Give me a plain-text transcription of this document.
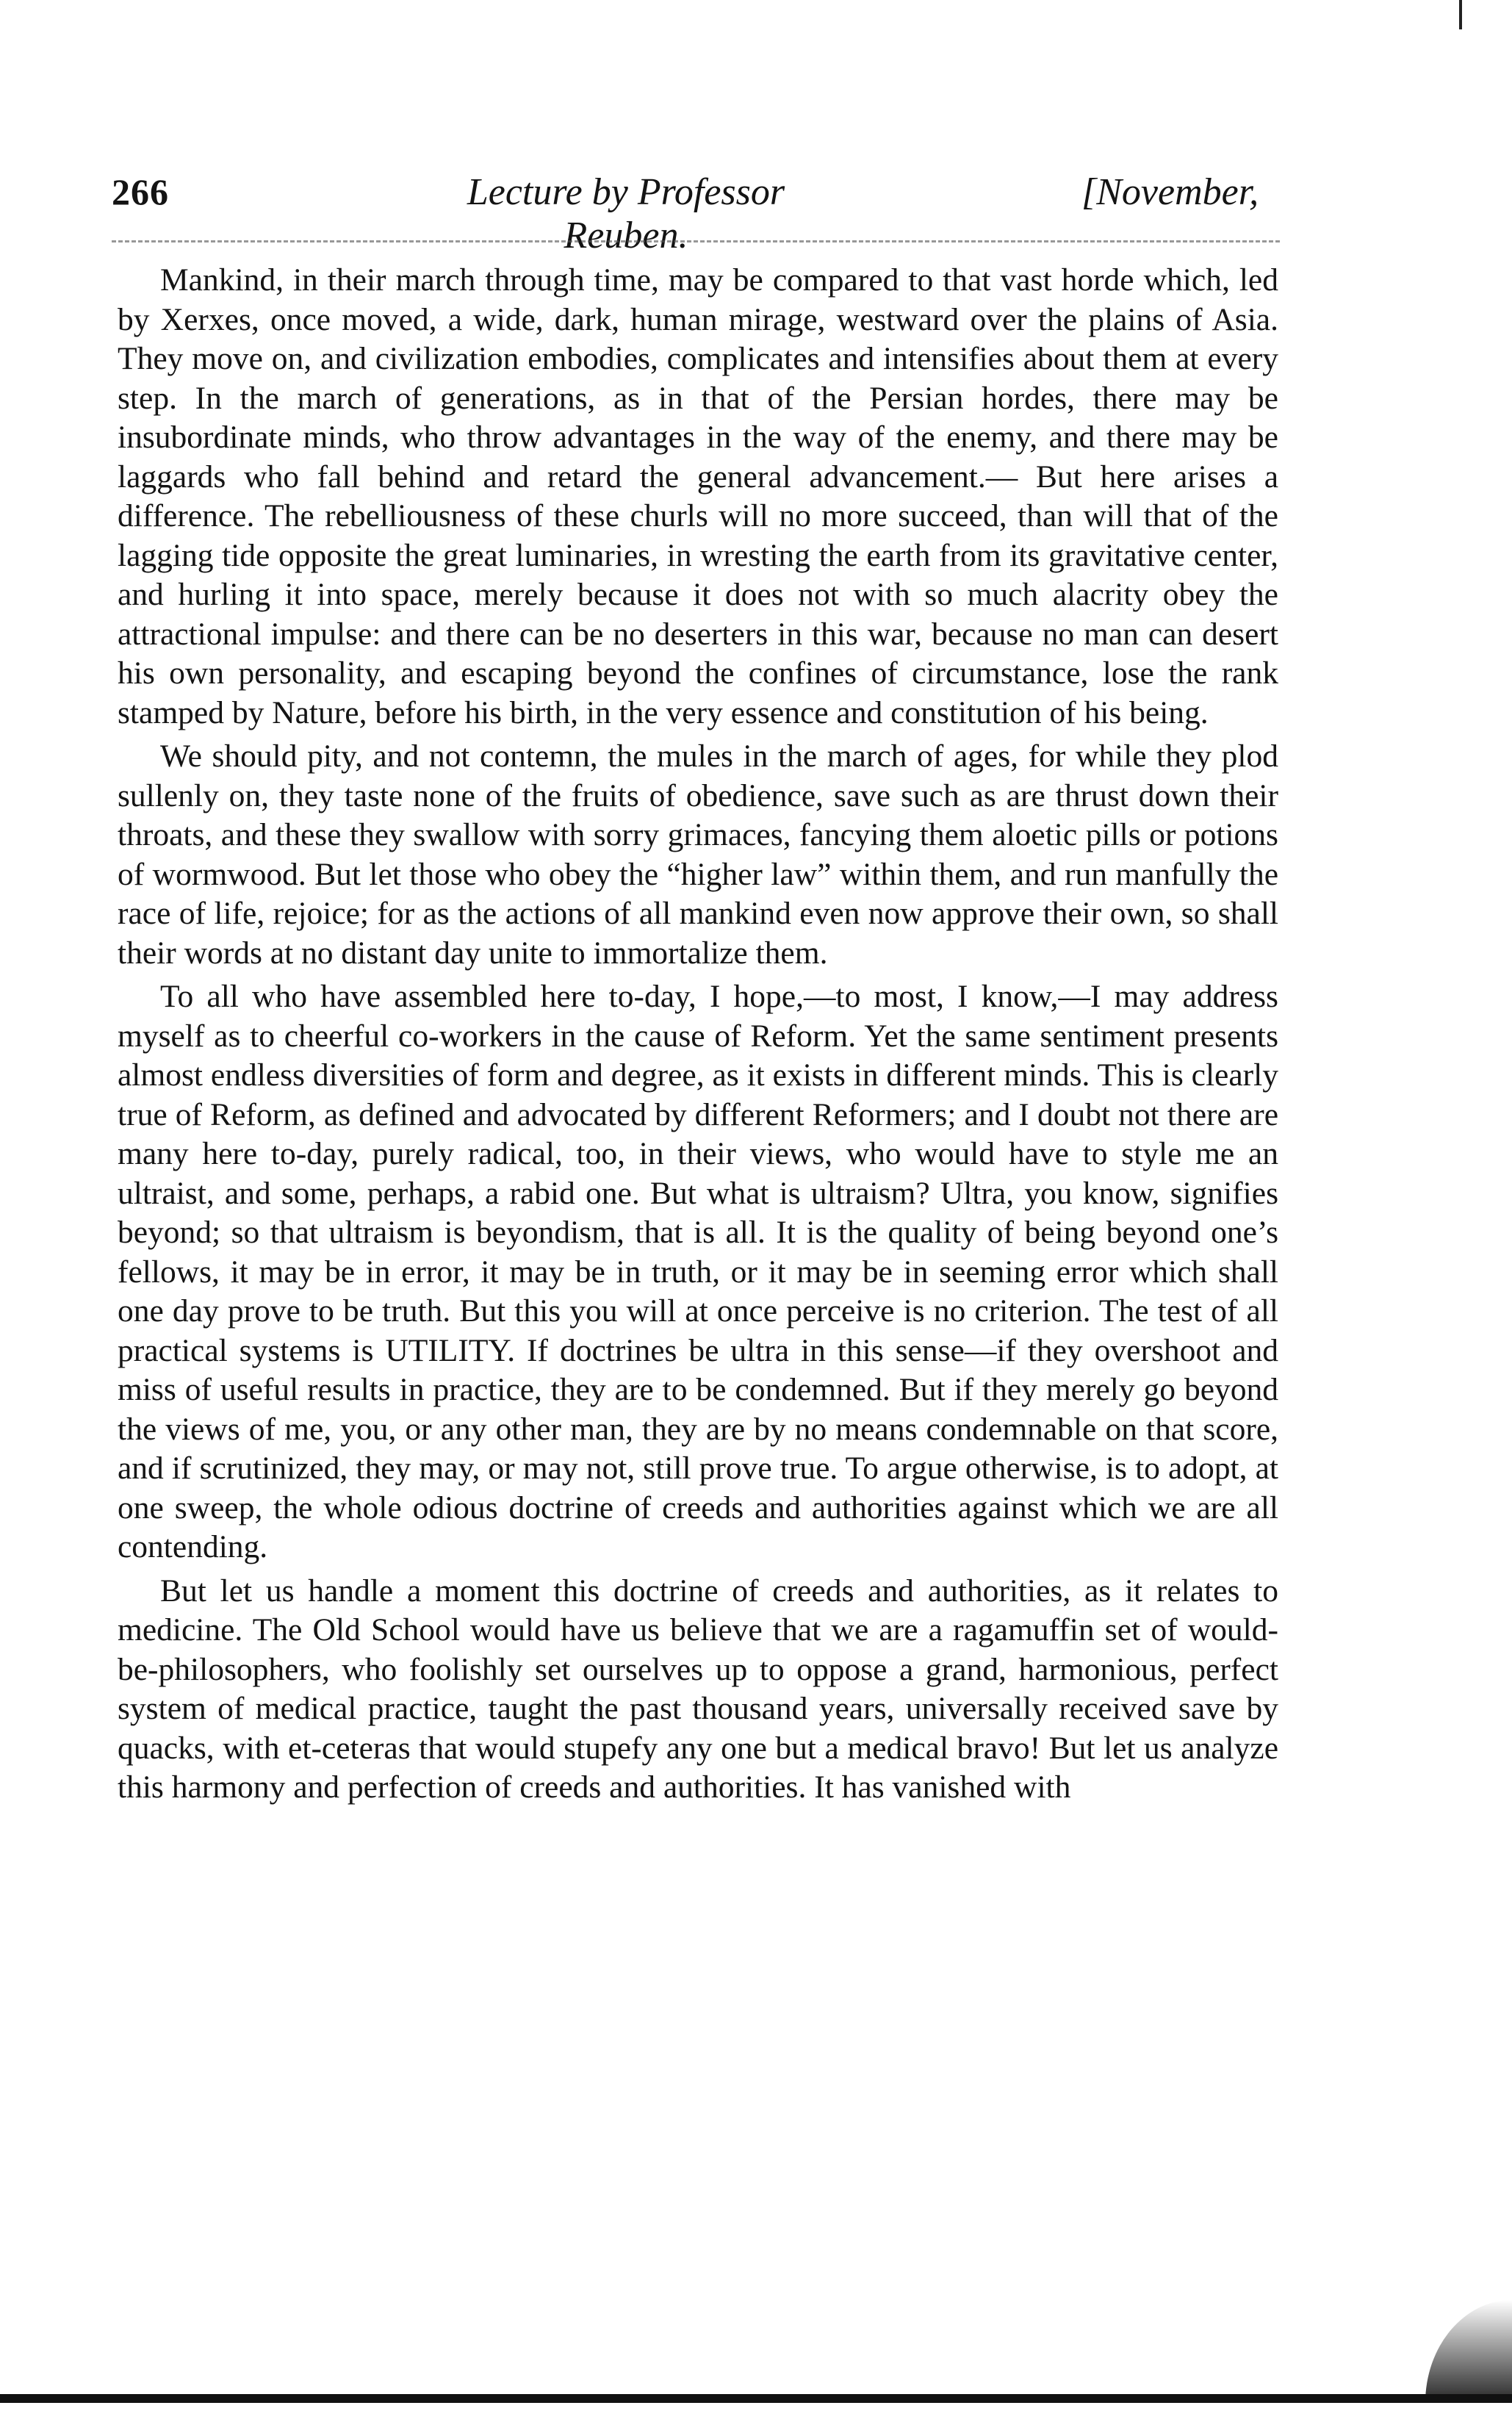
266	Lecture by Professor Reuben.
[November,

Mankind, in their march through time, may be compared to that vast horde which, led by Xerxes, once moved, a wide, dark, human mirage, westward over the plains of Asia. They move on, and civilization embodies, complicates and intensifies about them at every step. In the march of generations, as in that of the Persian hordes, there may be insubordinate minds, who throw advantages in the way of the enemy, and there may be laggards who fall behind and retard the general advancement.— But here arises a difference. The rebelliousness of these churls will no more succeed, than will that of the lagging tide opposite the great luminaries, in wresting the earth from its gravitative center, and hurling it into space, merely because it does not with so much alacrity obey the attractional impulse: and there can be no deserters in this war, because no man can desert his own personality, and escaping beyond the confines of circumstance, lose the rank stamped by Nature, before his birth, in the very essence and constitution of his being.

We should pity, and not contemn, the mules in the march of ages, for while they plod sullenly on, they taste none of the fruits of obedience, save such as are thrust down their throats, and these they swallow with sorry grimaces, fancying them aloetic pills or potions of wormwood. But let those who obey the “higher law” within them, and run manfully the race of life, rejoice; for as the actions of all mankind even now approve their own, so shall their words at no distant day unite to immortalize them.

To all who have assembled here to-day, I hope,—to most, I know,—I may address myself as to cheerful co-workers in the cause of Reform. Yet the same sentiment presents almost endless diversities of form and degree, as it exists in different minds. This is clearly true of Reform, as defined and advocated by different Reformers; and I doubt not there are many here to-day, purely radical, too, in their views, who would have to style me an ultraist, and some, perhaps, a rabid one. But what is ultraism? Ultra, you know, signifies beyond; so that ultraism is beyondism, that is all. It is the quality of being beyond one’s fellows, it may be in error, it may be in truth, or it may be in seeming error which shall one day prove to be truth. But this you will at once perceive is no criterion. The test of all practical systems is UTILITY. If doctrines be ultra in this sense—if they overshoot and miss of useful results in practice, they are to be condemned. But if they merely go beyond the views of me, you, or any other man, they are by no means condemnable on that score, and if scrutinized, they may, or may not, still prove true. To argue otherwise, is to adopt, at one sweep, the whole odious doctrine of creeds and authorities against which we are all contending.

But let us handle a moment this doctrine of creeds and authorities, as it relates to medicine. The Old School would have us believe that we are a ragamuffin set of would-be-philosophers, who foolishly set ourselves up to oppose a grand, harmonious, perfect system of medical practice, taught the past thousand years, universally received save by quacks, with et-ceteras that would stupefy any one but a medical bravo! But let us analyze this harmony and perfection of creeds and authorities. It has vanished with
